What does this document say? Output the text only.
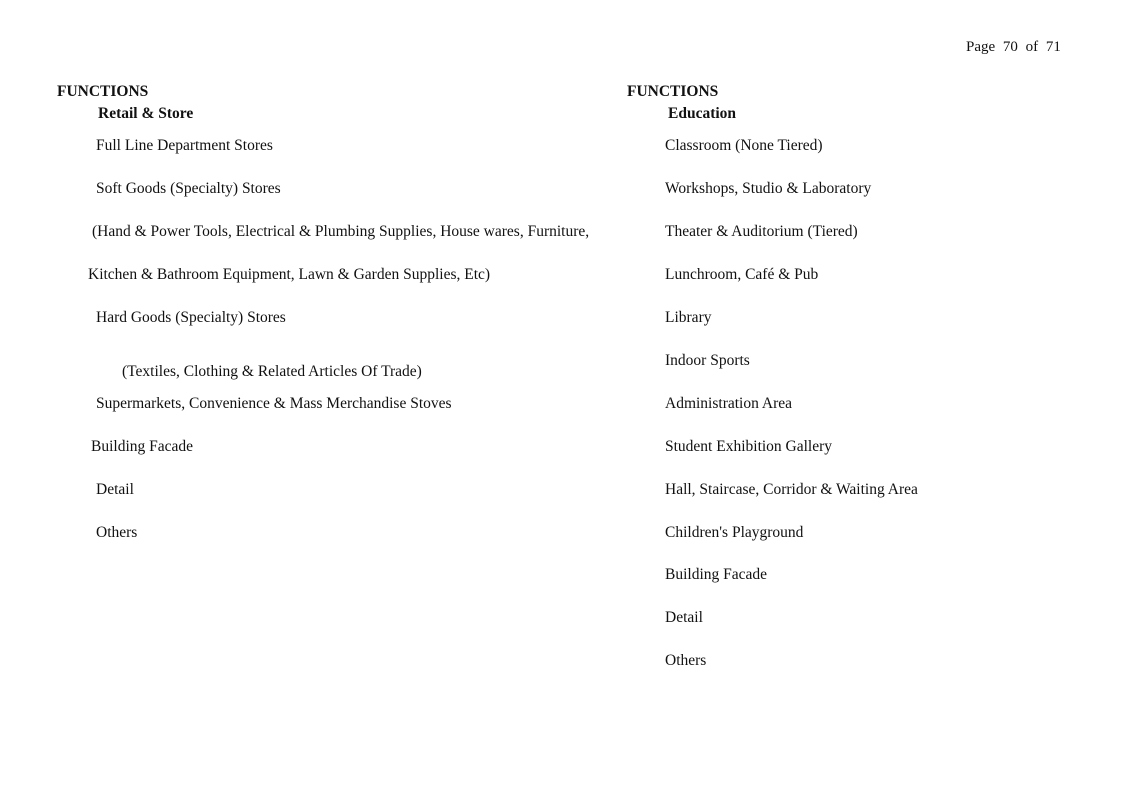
Page 70 of 71
FUNCTIONS
Retail & Store
Full Line Department Stores
Soft Goods (Specialty) Stores
(Hand & Power Tools, Electrical & Plumbing Supplies, House wares, Furniture,
Kitchen & Bathroom Equipment, Lawn & Garden Supplies, Etc)
Hard Goods (Specialty) Stores
(Textiles, Clothing & Related Articles Of Trade)
Supermarkets, Convenience & Mass Merchandise Stoves
Building Facade
Detail
Others
FUNCTIONS
Education
Classroom (None Tiered)
Workshops, Studio & Laboratory
Theater & Auditorium (Tiered)
Lunchroom, Café & Pub
Library
Indoor Sports
Administration Area
Student Exhibition Gallery
Hall, Staircase, Corridor & Waiting Area
Children's Playground
Building Facade
Detail
Others
